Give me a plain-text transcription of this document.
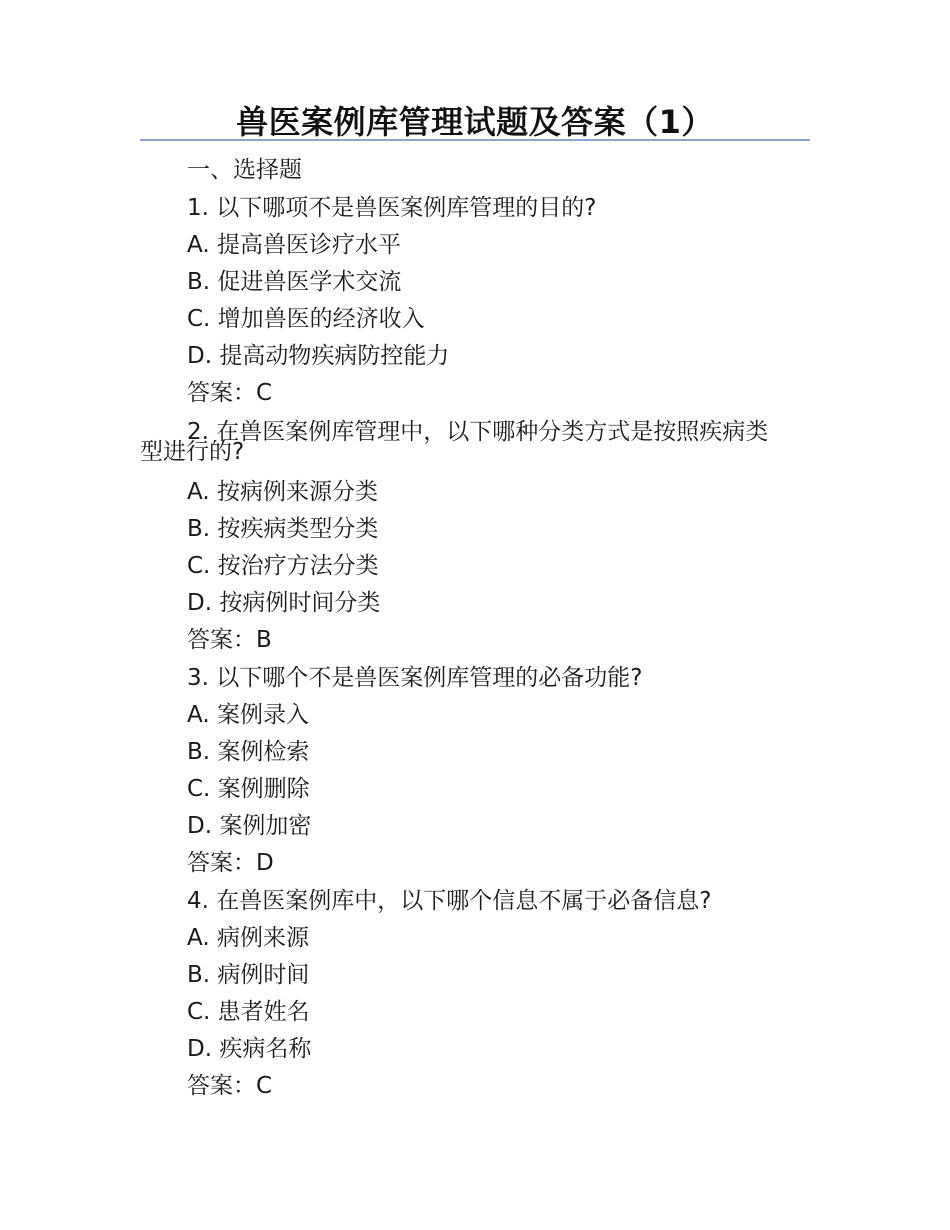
兽医案例库管理试题及答案（1）
一、选择题
1. 以下哪项不是兽医案例库管理的目的?
A. 提高兽医诊疗水平
B. 促进兽医学术交流
C. 增加兽医的经济收入
D. 提高动物疾病防控能力
答案：C
2. 在兽医案例库管理中，以下哪种分类方式是按照疾病类
型进行的?
A. 按病例来源分类
B. 按疾病类型分类
C. 按治疗方法分类
D. 按病例时间分类
答案：B
3. 以下哪个不是兽医案例库管理的必备功能?
A. 案例录入
B. 案例检索
C. 案例删除
D. 案例加密
答案：D
4. 在兽医案例库中，以下哪个信息不属于必备信息?
A. 病例来源
B. 病例时间
C. 患者姓名
D. 疾病名称
答案：C
